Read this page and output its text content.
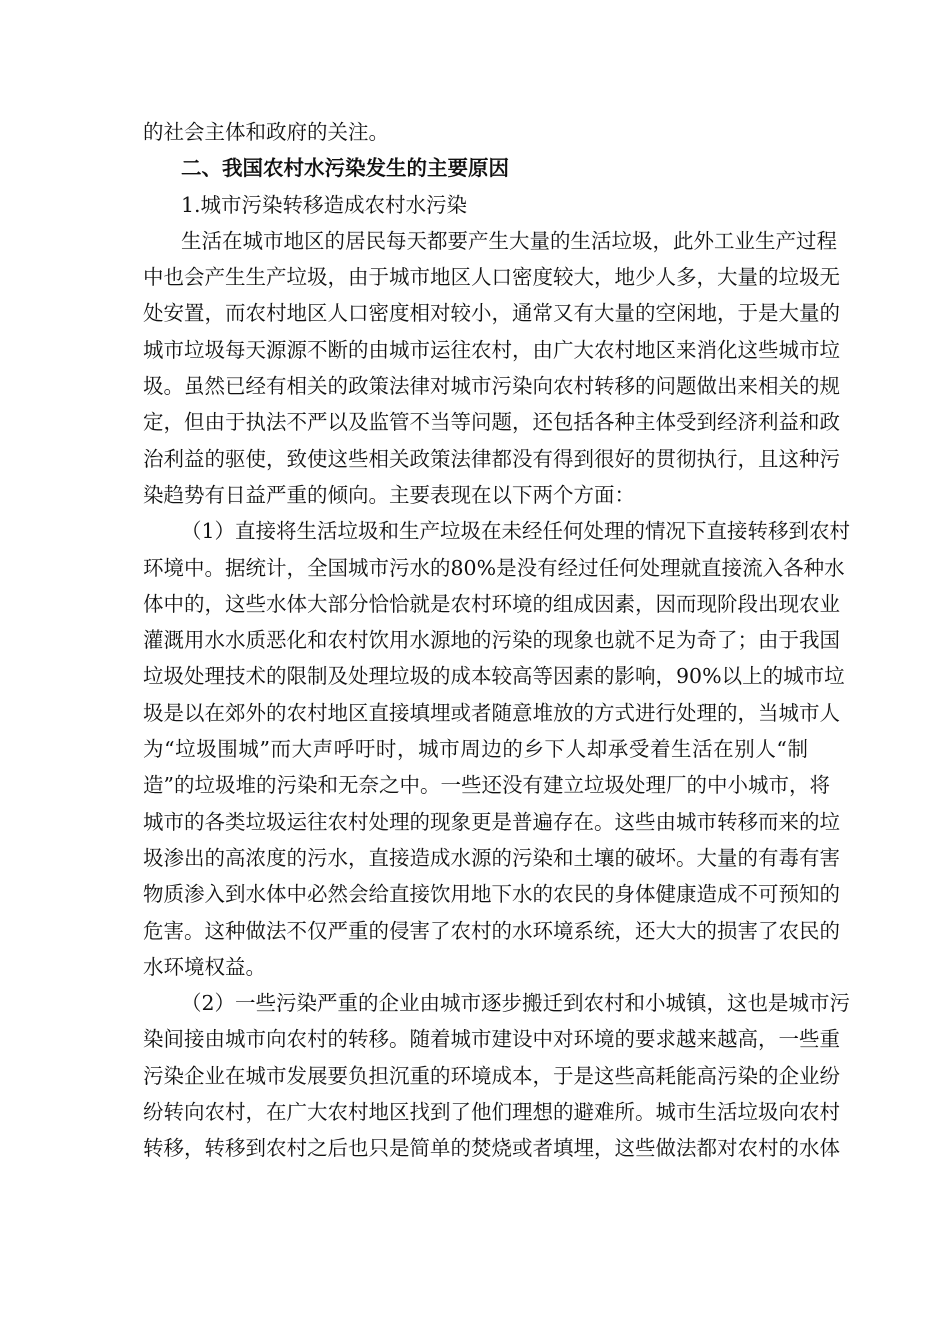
的社会主体和政府的关注。
二、我国农村水污染发生的主要原因
1.城市污染转移造成农村水污染
生活在城市地区的居民每天都要产生大量的生活垃圾，此外工业生产过程
中也会产生生产垃圾，由于城市地区人口密度较大，地少人多，大量的垃圾无
处安置，而农村地区人口密度相对较小，通常又有大量的空闲地，于是大量的
城市垃圾每天源源不断的由城市运往农村，由广大农村地区来消化这些城市垃
圾。虽然已经有相关的政策法律对城市污染向农村转移的问题做出来相关的规
定，但由于执法不严以及监管不当等问题，还包括各种主体受到经济利益和政
治利益的驱使，致使这些相关政策法律都没有得到很好的贯彻执行，且这种污
染趋势有日益严重的倾向。主要表现在以下两个方面：
（1）直接将生活垃圾和生产垃圾在未经任何处理的情况下直接转移到农村
环境中。据统计，全国城市污水的80%是没有经过任何处理就直接流入各种水
体中的，这些水体大部分恰恰就是农村环境的组成因素，因而现阶段出现农业
灌溉用水水质恶化和农村饮用水源地的污染的现象也就不足为奇了；由于我国
垃圾处理技术的限制及处理垃圾的成本较高等因素的影响，90%以上的城市垃
圾是以在郊外的农村地区直接填埋或者随意堆放的方式进行处理的，当城市人
为“垃圾围城”而大声呼吁时，城市周边的乡下人却承受着生活在别人“制
造”的垃圾堆的污染和无奈之中。一些还没有建立垃圾处理厂的中小城市，将
城市的各类垃圾运往农村处理的现象更是普遍存在。这些由城市转移而来的垃
圾渗出的高浓度的污水，直接造成水源的污染和土壤的破坏。大量的有毒有害
物质渗入到水体中必然会给直接饮用地下水的农民的身体健康造成不可预知的
危害。这种做法不仅严重的侵害了农村的水环境系统，还大大的损害了农民的
水环境权益。
（2）一些污染严重的企业由城市逐步搬迁到农村和小城镇，这也是城市污
染间接由城市向农村的转移。随着城市建设中对环境的要求越来越高，一些重
污染企业在城市发展要负担沉重的环境成本，于是这些高耗能高污染的企业纷
纷转向农村，在广大农村地区找到了他们理想的避难所。城市生活垃圾向农村
转移，转移到农村之后也只是简单的焚烧或者填埋，这些做法都对农村的水体
